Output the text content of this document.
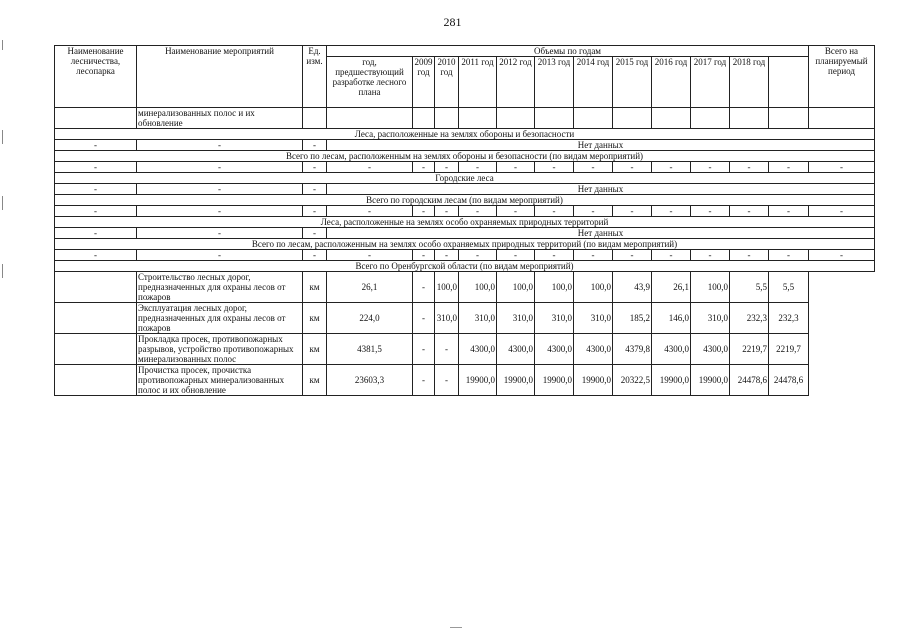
281
Наименование лесничества, лесопарка	Наименование мероприятий	Ед. изм.	Объемы по годам												Всего на планируемый период
			год, предшествующий разработке лесного плана	2009 год	2010 год	2011 год	2012 год	2013 год	2014 год	2015 год	2016 год	2017 год	2018 год		
	минерализованных полос и их обновление														
Леса, расположенные на землях обороны и безопасности															
-	-	-	Нет данных												
Всего по лесам, расположенным на землях обороны и безопасности (по видам мероприятий)															
-	-	-	-	-	-	-	-	-	-	-	-	-	-	-	-
Городские леса															
-	-	-	Нет данных												
Всего по городским лесам (по видам мероприятий)															
-	-	-	-	-	-	-	-	-	-	-	-	-	-	-	-
Леса, расположенные на землях особо охраняемых природных территорий															
-	-	-	Нет данных												
Всего по лесам, расположенным на землях особо охраняемых природных территорий (по видам мероприятий)															
-	-	-	-	-	-	-	-	-	-	-	-	-	-	-	-
Всего по Оренбургской области (по видам мероприятий)															
	Строительство лесных дорог, предназначенных для охраны лесов от пожаров	км	26,1	-	100,0	100,0	100,0	100,0	100,0	43,9	26,1	100,0	5,5	5,5	
	Эксплуатация лесных дорог, предназначенных для охраны лесов от пожаров	км	224,0	-	310,0	310,0	310,0	310,0	310,0	185,2	146,0	310,0	232,3	232,3	
	Прокладка просек, противопожарных разрывов, устройство противопожарных минерализованных полос	км	4381,5	-	-	4300,0	4300,0	4300,0	4300,0	4379,8	4300,0	4300,0	2219,7	2219,7	
	Прочистка просек, прочистка противопожарных минерализованных полос и их обновление	км	23603,3	-	-	19900,0	19900,0	19900,0	19900,0	20322,5	19900,0	19900,0	24478,6	24478,6	
